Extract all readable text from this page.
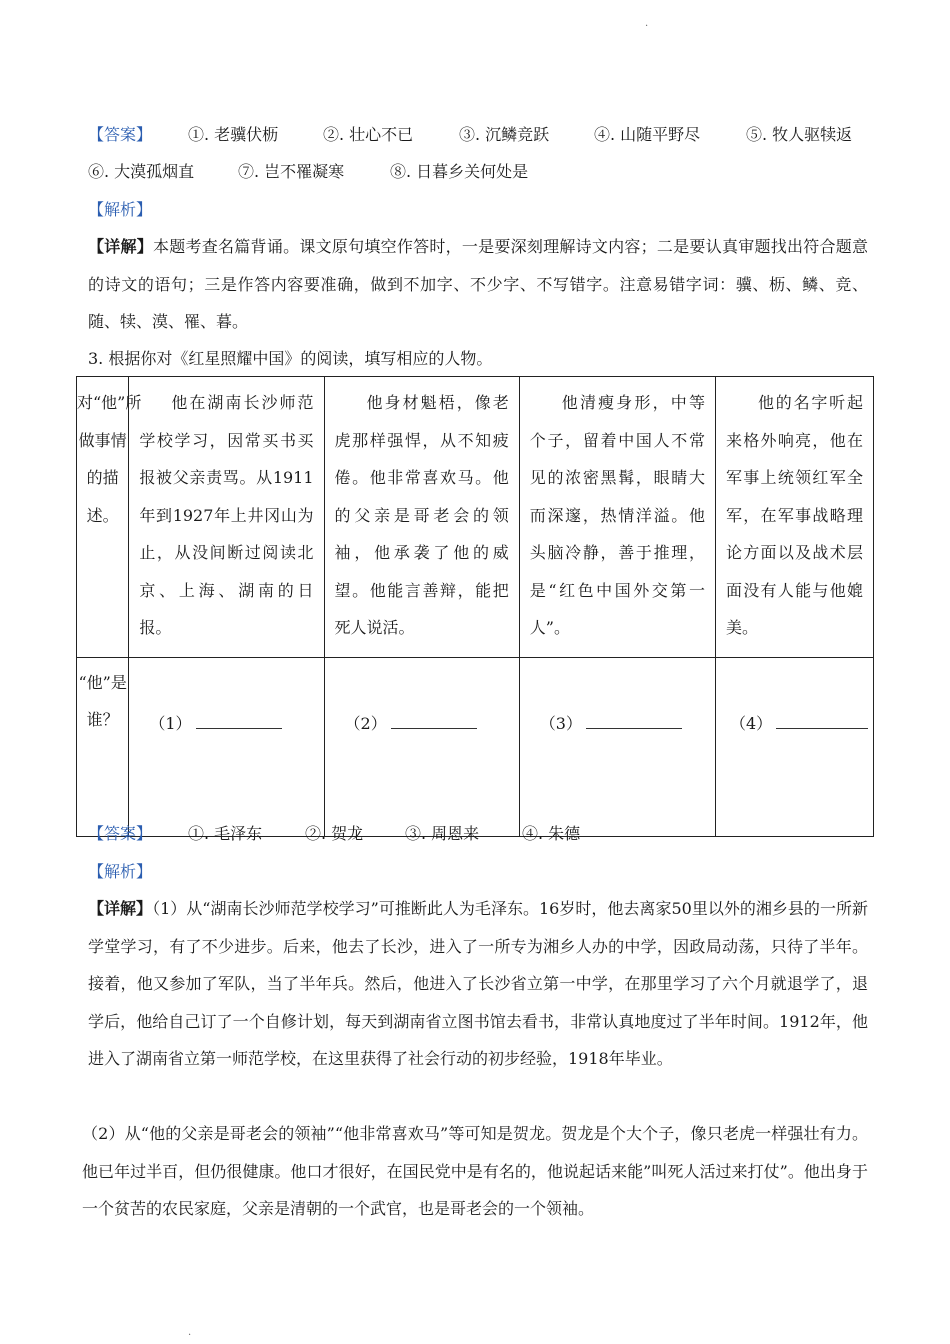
.
【答案】 ①. 老骥伏枥	②. 壮心不已	③. 沉鳞竞跃	④. 山随平野尽	⑤. 牧人驱犊返
⑥. 大漠孤烟直	⑦. 岂不罹凝寒	⑧. 日暮乡关何处是
【解析】
【详解】本题考查名篇背诵。课文原句填空作答时，一是要深刻理解诗文内容；二是要认真审题找出符合题意的诗文的语句；三是作答内容要准确，做到不加字、不少字、不写错字。注意易错字词：骥、枥、鳞、竞、随、犊、漠、罹、暮。
3. 根据你对《红星照耀中国》的阅读，填写相应的人物。
对“他”所做事情的描述。	他在湖南长沙师范学校学习，因常买书买报被父亲责骂。从1911年到1927年上井冈山为止，从没间断过阅读北京、上海、湖南的日报。	他身材魁梧，像老虎那样强悍，从不知疲倦。他非常喜欢马。他的父亲是哥老会的领袖，他承袭了他的威望。他能言善辩，能把死人说活。	他清瘦身形，中等个子，留着中国人不常见的浓密黑髯，眼睛大而深邃，热情洋溢。他头脑冷静，善于推理，是“红色中国外交第一人”。	他的名字听起来格外响亮，他在军事上统领红军全军，在军事战略理论方面以及战术层面没有人能与他媲美。
“他”是谁？	（1）	（2）	（3）	（4）
【答案】 ①. 毛泽东	②. 贺龙	③. 周恩来	④. 朱德
【解析】
【详解】（1）从“湖南长沙师范学校学习”可推断此人为毛泽东。16岁时，他去离家50里以外的湘乡县的一所新学堂学习，有了不少进步。后来，他去了长沙，进入了一所专为湘乡人办的中学，因政局动荡，只待了半年。接着，他又参加了军队，当了半年兵。然后，他进入了长沙省立第一中学，在那里学习了六个月就退学了，退学后，他给自己订了一个自修计划，每天到湖南省立图书馆去看书，非常认真地度过了半年时间。1912年，他进入了湖南省立第一师范学校，在这里获得了社会行动的初步经验，1918年毕业。
（2）从“他的父亲是哥老会的领袖”“他非常喜欢马”等可知是贺龙。贺龙是个大个子，像只老虎一样强壮有力。他已年过半百，但仍很健康。他口才很好，在国民党中是有名的，他说起话来能”叫死人活过来打仗”。他出身于一个贫苦的农民家庭，父亲是清朝的一个武官，也是哥老会的一个领袖。
.
